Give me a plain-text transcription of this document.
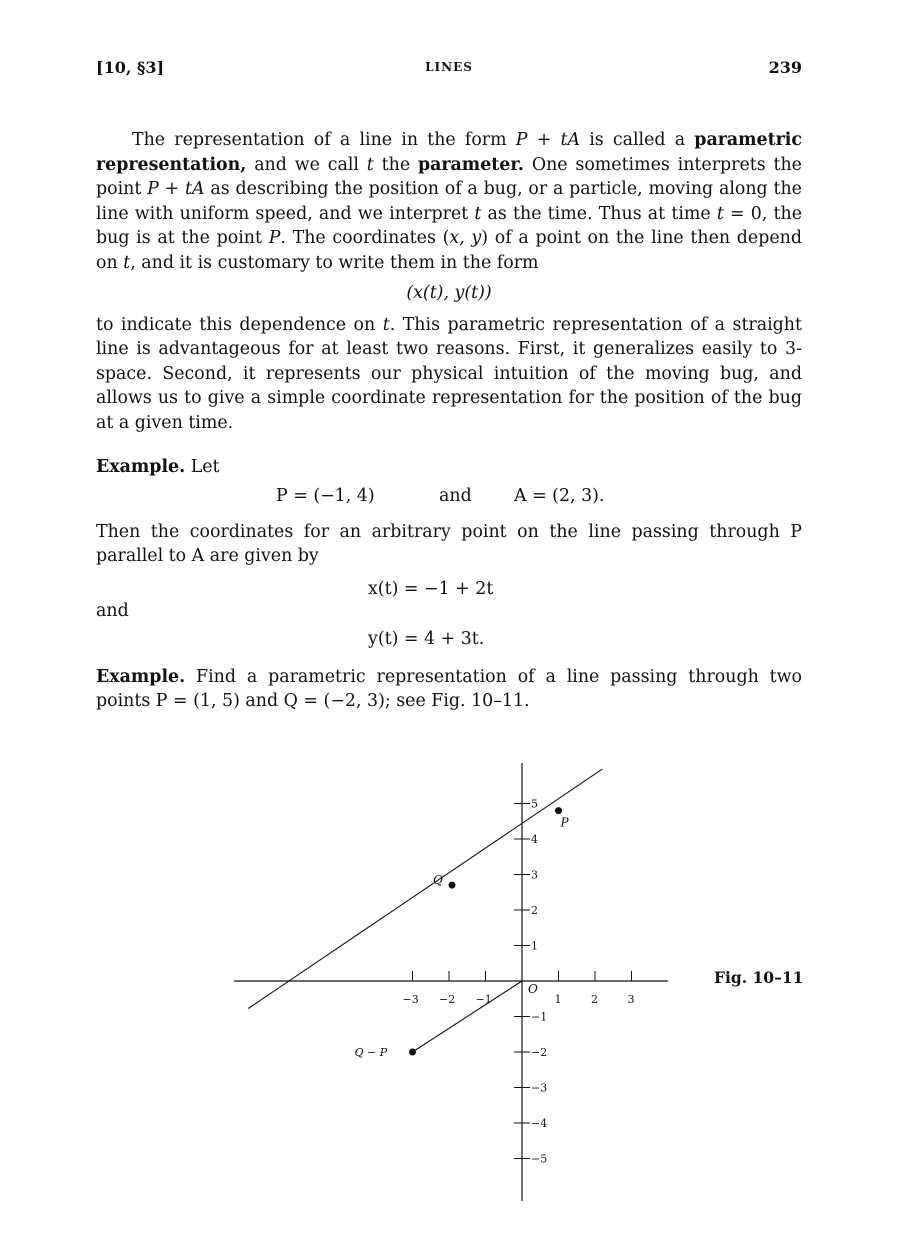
[10, §3]	LINES	239

The representation of a line in the form P + tA is called a parametric representation, and we call t the parameter. One sometimes interprets the point P + tA as describing the position of a bug, or a particle, moving along the line with uniform speed, and we interpret t as the time. Thus at time t = 0, the bug is at the point P. The coordinates (x, y) of a point on the line then depend on t, and it is customary to write them in the form

(x(t), y(t))

to indicate this dependence on t. This parametric representation of a straight line is advantageous for at least two reasons. First, it generalizes easily to 3-space. Second, it represents our physical intuition of the moving bug, and allows us to give a simple coordinate representation for the position of the bug at a given time.

Example. Let
P = (−1, 4)	and A = (2, 3).

Then the coordinates for an arbitrary point on the line passing through P parallel to A are given by

x(t) = −1 + 2t
and
y(t) = 4 + 3t.

Example. Find a parametric representation of a line passing through two points P = (1, 5) and Q = (−2, 3); see Fig. 10–11.

−3 −2 −1	1	2	3
5
4
3
2
1
−1
−2
−3
−4
−5
P
Q
Q − P
O
Fig. 10–11
